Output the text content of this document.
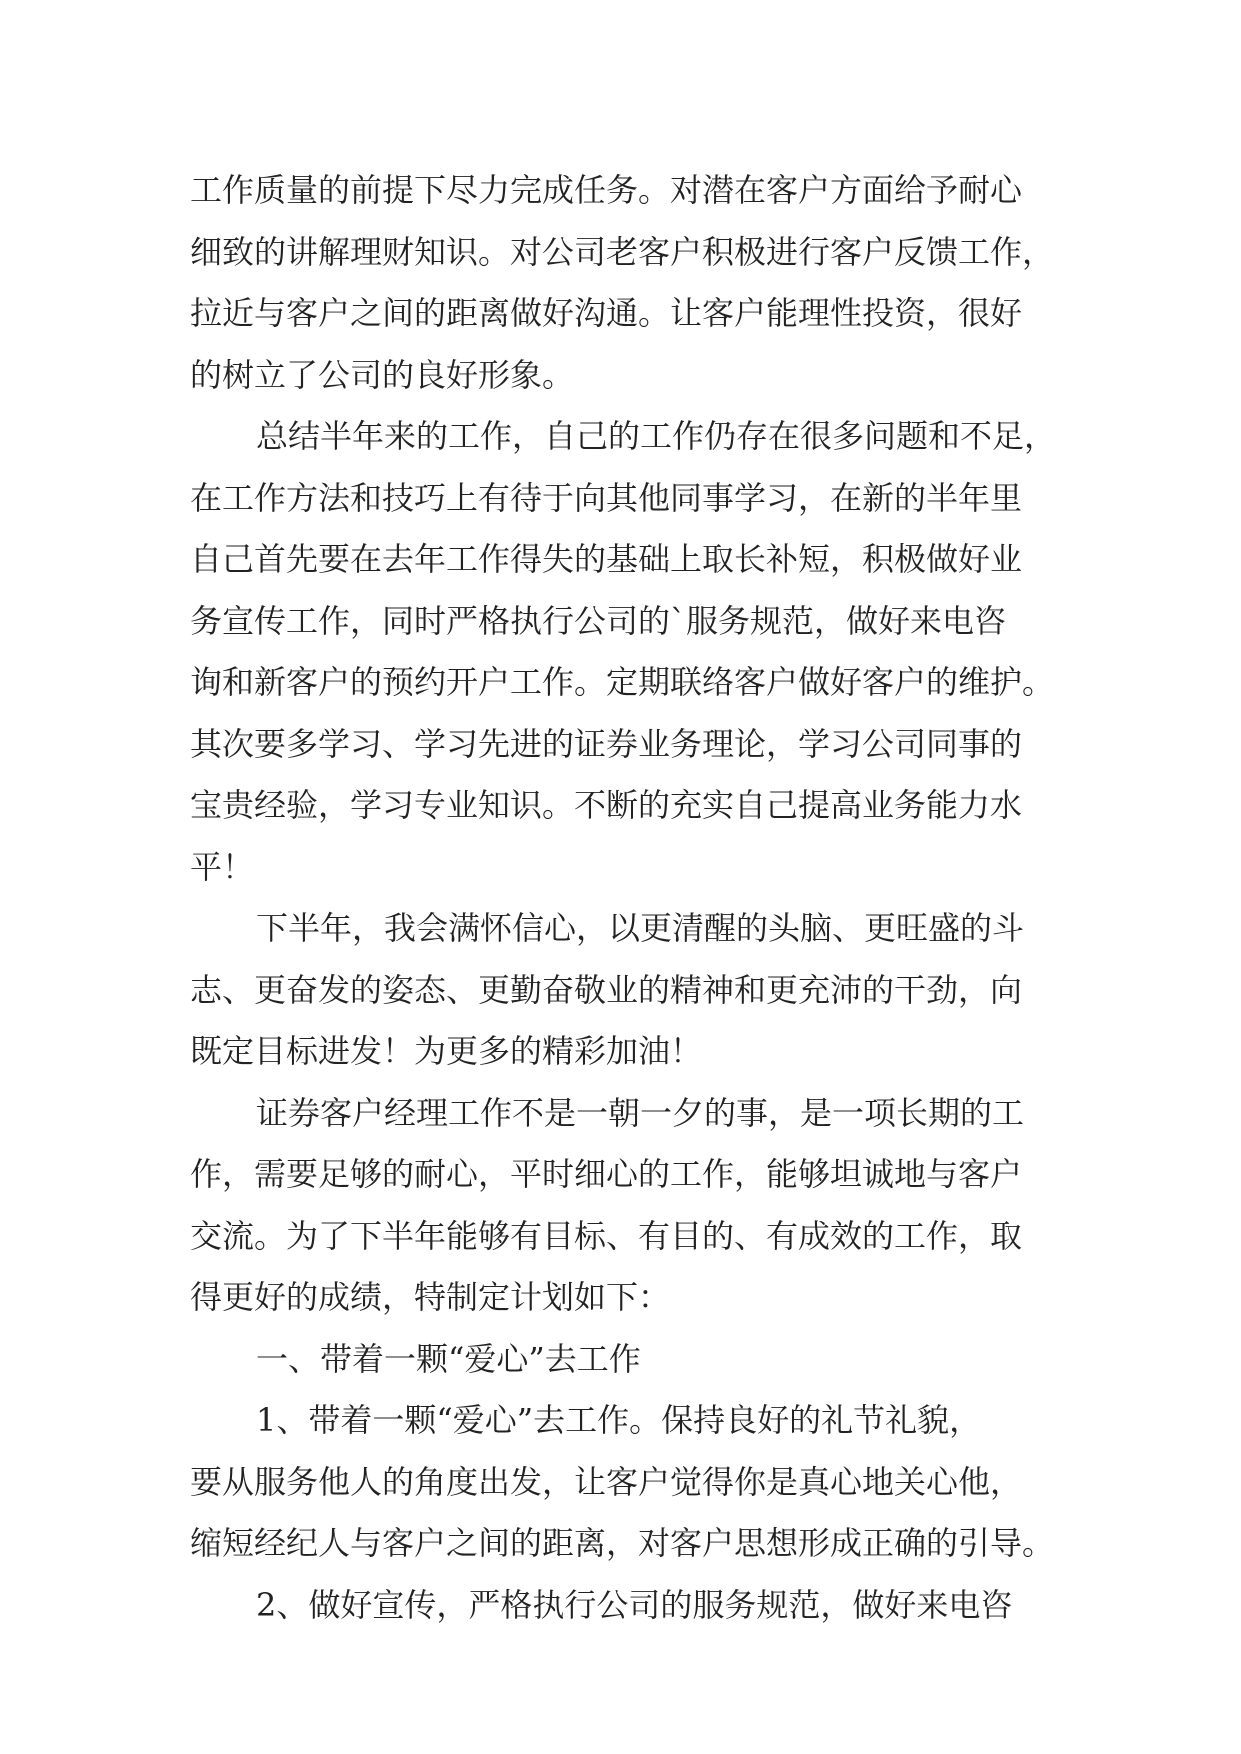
工作质量的前提下尽力完成任务。对潜在客户方面给予耐心
细致的讲解理财知识。对公司老客户积极进行客户反馈工作，
拉近与客户之间的距离做好沟通。让客户能理性投资，很好
的树立了公司的良好形象。
总结半年来的工作，自己的工作仍存在很多问题和不足，
在工作方法和技巧上有待于向其他同事学习，在新的半年里
自己首先要在去年工作得失的基础上取长补短，积极做好业
务宣传工作，同时严格执行公司的`服务规范，做好来电咨
询和新客户的预约开户工作。定期联络客户做好客户的维护。
其次要多学习、学习先进的证券业务理论，学习公司同事的
宝贵经验，学习专业知识。不断的充实自己提高业务能力水
平！
下半年，我会满怀信心，以更清醒的头脑、更旺盛的斗
志、更奋发的姿态、更勤奋敬业的精神和更充沛的干劲，向
既定目标进发！为更多的精彩加油！
证券客户经理工作不是一朝一夕的事，是一项长期的工
作，需要足够的耐心，平时细心的工作，能够坦诚地与客户
交流。为了下半年能够有目标、有目的、有成效的工作，取
得更好的成绩，特制定计划如下：
一、带着一颗“爱心”去工作
1、带着一颗“爱心”去工作。保持良好的礼节礼貌，
要从服务他人的角度出发，让客户觉得你是真心地关心他，
缩短经纪人与客户之间的距离，对客户思想形成正确的引导。
2、做好宣传，严格执行公司的服务规范，做好来电咨
